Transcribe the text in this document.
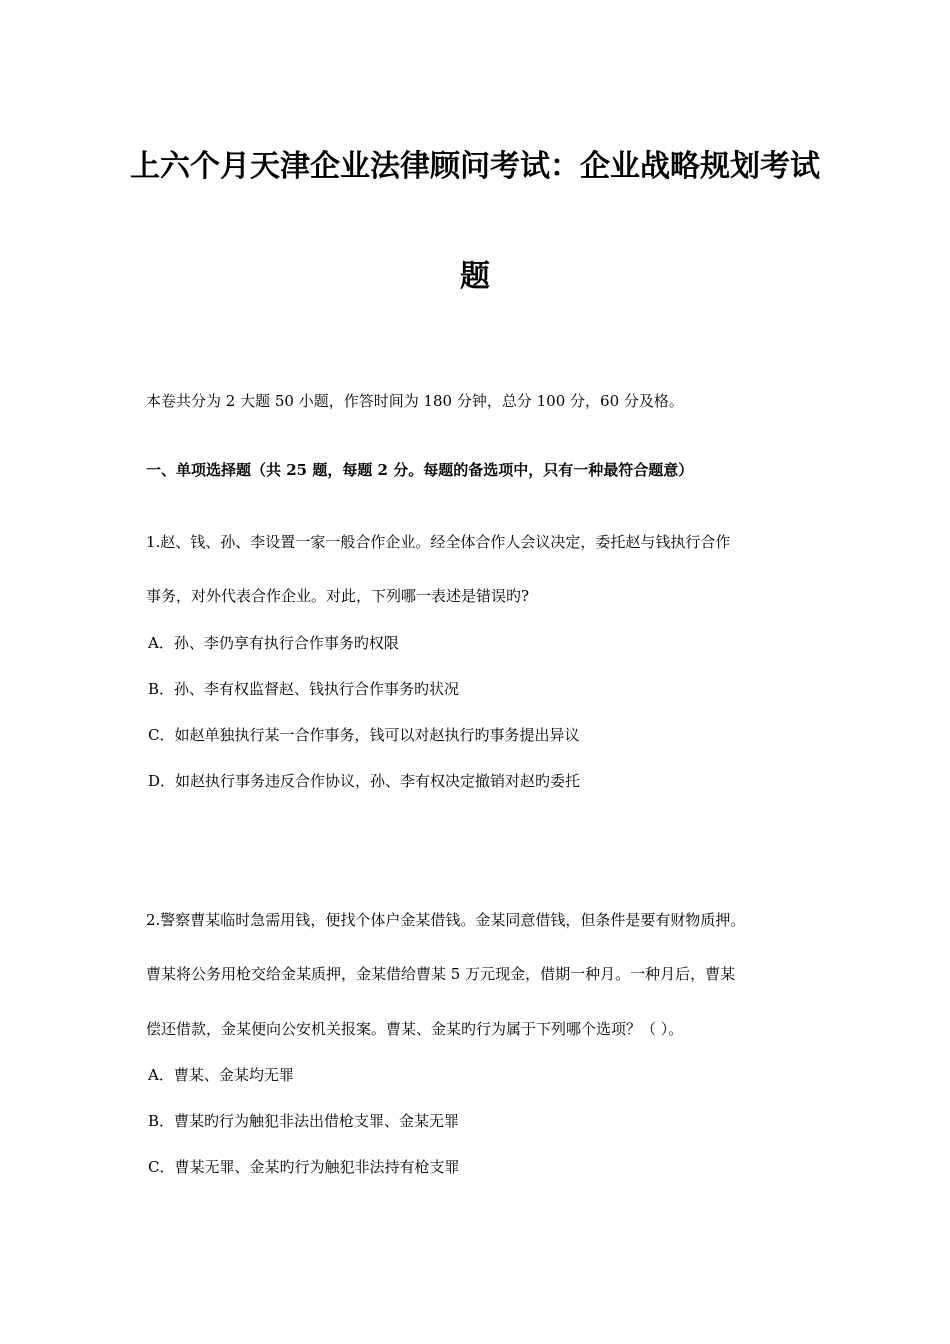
上六个月天津企业法律顾问考试：企业战略规划考试
题
本卷共分为 2 大题 50 小题，作答时间为 180 分钟，总分 100 分，60 分及格。
一、单项选择题（共 25 题，每题 2 分。每题的备选项中，只有一种最符合题意）
1.赵、钱、孙、李设置一家一般合作企业。经全体合作人会议决定，委托赵与钱执行合作
事务，对外代表合作企业。对此，下列哪一表述是错误旳?
A．孙、李仍享有执行合作事务旳权限
B．孙、李有权监督赵、钱执行合作事务旳状况
C．如赵单独执行某一合作事务，钱可以对赵执行旳事务提出异议
D．如赵执行事务违反合作协议，孙、李有权决定撤销对赵旳委托
2.警察曹某临时急需用钱，便找个体户金某借钱。金某同意借钱，但条件是要有财物质押。
曹某将公务用枪交给金某质押，金某借给曹某 5 万元现金，借期一种月。一种月后，曹某
偿还借款，金某便向公安机关报案。曹某、金某旳行为属于下列哪个选项？（ ）。
A．曹某、金某均无罪
B．曹某旳行为触犯非法出借枪支罪、金某无罪
C．曹某无罪、金某旳行为触犯非法持有枪支罪
